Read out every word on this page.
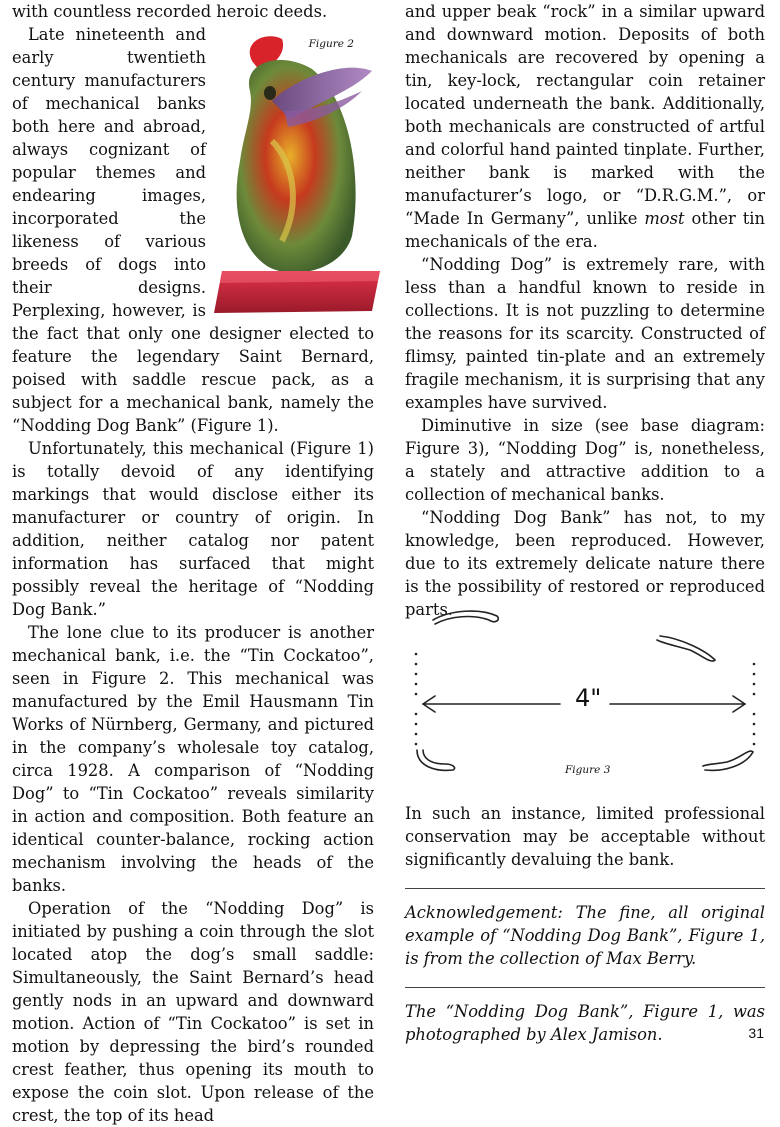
with countless recorded heroic deeds.

Figure 2

Late nineteenth and early twentieth century manufacturers of mechanical banks both here and abroad, always cognizant of popular themes and endearing images, incorporated the likeness of various breeds of dogs into their designs. Perplexing, however, is the fact that only one designer elected to feature the legendary Saint Bernard, poised with saddle rescue pack, as a subject for a mechanical bank, namely the “Nodding Dog Bank” (Figure 1).

Unfortunately, this mechanical (Figure 1) is totally devoid of any identifying markings that would disclose either its manufacturer or country of origin. In addition, neither catalog nor patent information has surfaced that might possibly reveal the heritage of “Nodding Dog Bank.”

The lone clue to its producer is another mechanical bank, i.e. the “Tin Cockatoo”, seen in Figure 2. This mechanical was manufactured by the Emil Hausmann Tin Works of Nürnberg, Germany, and pictured in the company’s wholesale toy catalog, circa 1928. A comparison of “Nodding Dog” to “Tin Cockatoo” reveals similarity in action and composition. Both feature an identical counter-balance, rocking action mechanism involving the heads of the banks.

Operation of the “Nodding Dog” is initiated by pushing a coin through the slot located atop the dog’s small saddle: Simultaneously, the Saint Bernard’s head gently nods in an upward and downward motion. Action of “Tin Cockatoo” is set in motion by depressing the bird’s rounded crest feather, thus opening its mouth to expose the coin slot. Upon release of the crest, the top of its head

and upper beak “rock” in a similar upward and downward motion. Deposits of both mechanicals are recovered by opening a tin, key-lock, rectangular coin retainer located underneath the bank. Additionally, both mechanicals are constructed of artful and colorful hand painted tinplate. Further, neither bank is marked with the manufacturer’s logo, or “D.R.G.M.”, or “Made In Germany”, unlike most other tin mechanicals of the era.

“Nodding Dog” is extremely rare, with less than a handful known to reside in collections. It is not puzzling to determine the reasons for its scarcity. Constructed of flimsy, painted tin-plate and an extremely fragile mechanism, it is surprising that any examples have survived.

Diminutive in size (see base diagram: Figure 3), “Nodding Dog” is, nonetheless, a stately and attractive addition to a collection of mechanical banks.

“Nodding Dog Bank” has not, to my knowledge, been reproduced. However, due to its extremely delicate nature there is the possibility of restored or reproduced parts.

4"
Figure 3

In such an instance, limited professional conservation may be acceptable without significantly devaluing the bank.

Acknowledgement: The fine, all original example of “Nodding Dog Bank”, Figure 1, is from the collection of Max Berry.

The “Nodding Dog Bank”, Figure 1, was photographed by Alex Jamison.	31
